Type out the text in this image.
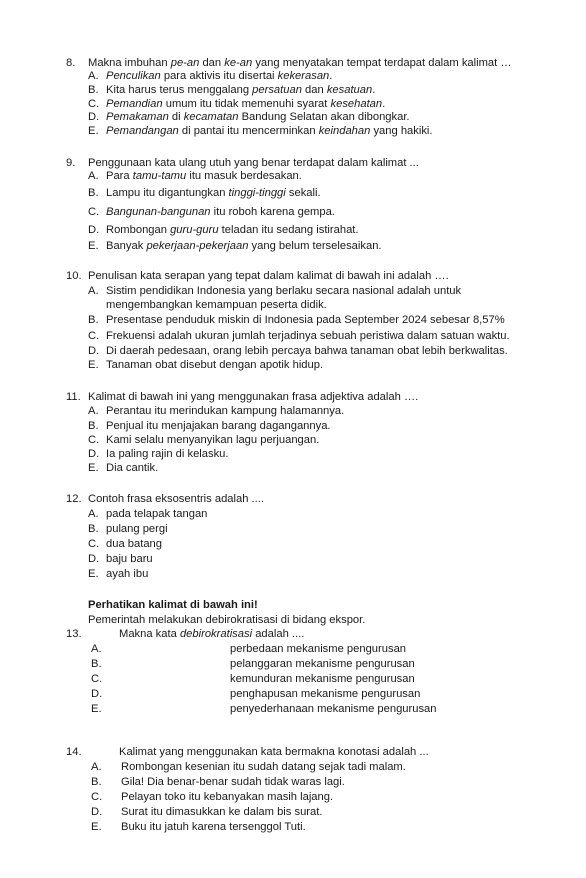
8. Makna imbuhan pe-an dan ke-an yang menyatakan tempat terdapat dalam kalimat …
A. Penculikan para aktivis itu disertai kekerasan.
B. Kita harus terus menggalang persatuan dan kesatuan.
C. Pemandian umum itu tidak memenuhi syarat kesehatan.
D. Pemakaman di kecamatan Bandung Selatan akan dibongkar.
E. Pemandangan di pantai itu mencerminkan keindahan yang hakiki.
9. Penggunaan kata ulang utuh yang benar terdapat dalam kalimat ...
A. Para tamu-tamu itu masuk berdesakan.
B. Lampu itu digantungkan tinggi-tinggi sekali.
C. Bangunan-bangunan itu roboh karena gempa.
D. Rombongan guru-guru teladan itu sedang istirahat.
E. Banyak pekerjaan-pekerjaan yang belum terselesaikan.
10. Penulisan kata serapan yang tepat dalam kalimat di bawah ini adalah ….
A. Sistim pendidikan Indonesia yang berlaku secara nasional adalah untuk
mengembangkan kemampuan peserta didik.
B. Presentase penduduk miskin di Indonesia pada September 2024 sebesar 8,57%
C. Frekuensi adalah ukuran jumlah terjadinya sebuah peristiwa dalam satuan waktu.
D. Di daerah pedesaan, orang lebih percaya bahwa tanaman obat lebih berkwalitas.
E. Tanaman obat disebut dengan apotik hidup.
11. Kalimat di bawah ini yang menggunakan frasa adjektiva adalah ….
A. Perantau itu merindukan kampung halamannya.
B. Penjual itu menjajakan barang dagangannya.
C. Kami selalu menyanyikan lagu perjuangan.
D. Ia paling rajin di kelasku.
E. Dia cantik.
12. Contoh frasa eksosentris adalah ....
A. pada telapak tangan
B. pulang pergi
C. dua batang
D. baju baru
E. ayah ibu
Perhatikan kalimat di bawah ini!
Pemerintah melakukan debirokratisasi di bidang ekspor.
13.	Makna kata debirokratisasi adalah ....
A.	perbedaan mekanisme pengurusan
B.	pelanggaran mekanisme pengurusan
C.	kemunduran mekanisme pengurusan
D.	penghapusan mekanisme pengurusan
E.	penyederhanaan mekanisme pengurusan
14.	Kalimat yang menggunakan kata bermakna konotasi adalah ...
A. Rombongan kesenian itu sudah datang sejak tadi malam.
B. Gila! Dia benar-benar sudah tidak waras lagi.
C. Pelayan toko itu kebanyakan masih lajang.
D. Surat itu dimasukkan ke dalam bis surat.
E. Buku itu jatuh karena tersenggol Tuti.
